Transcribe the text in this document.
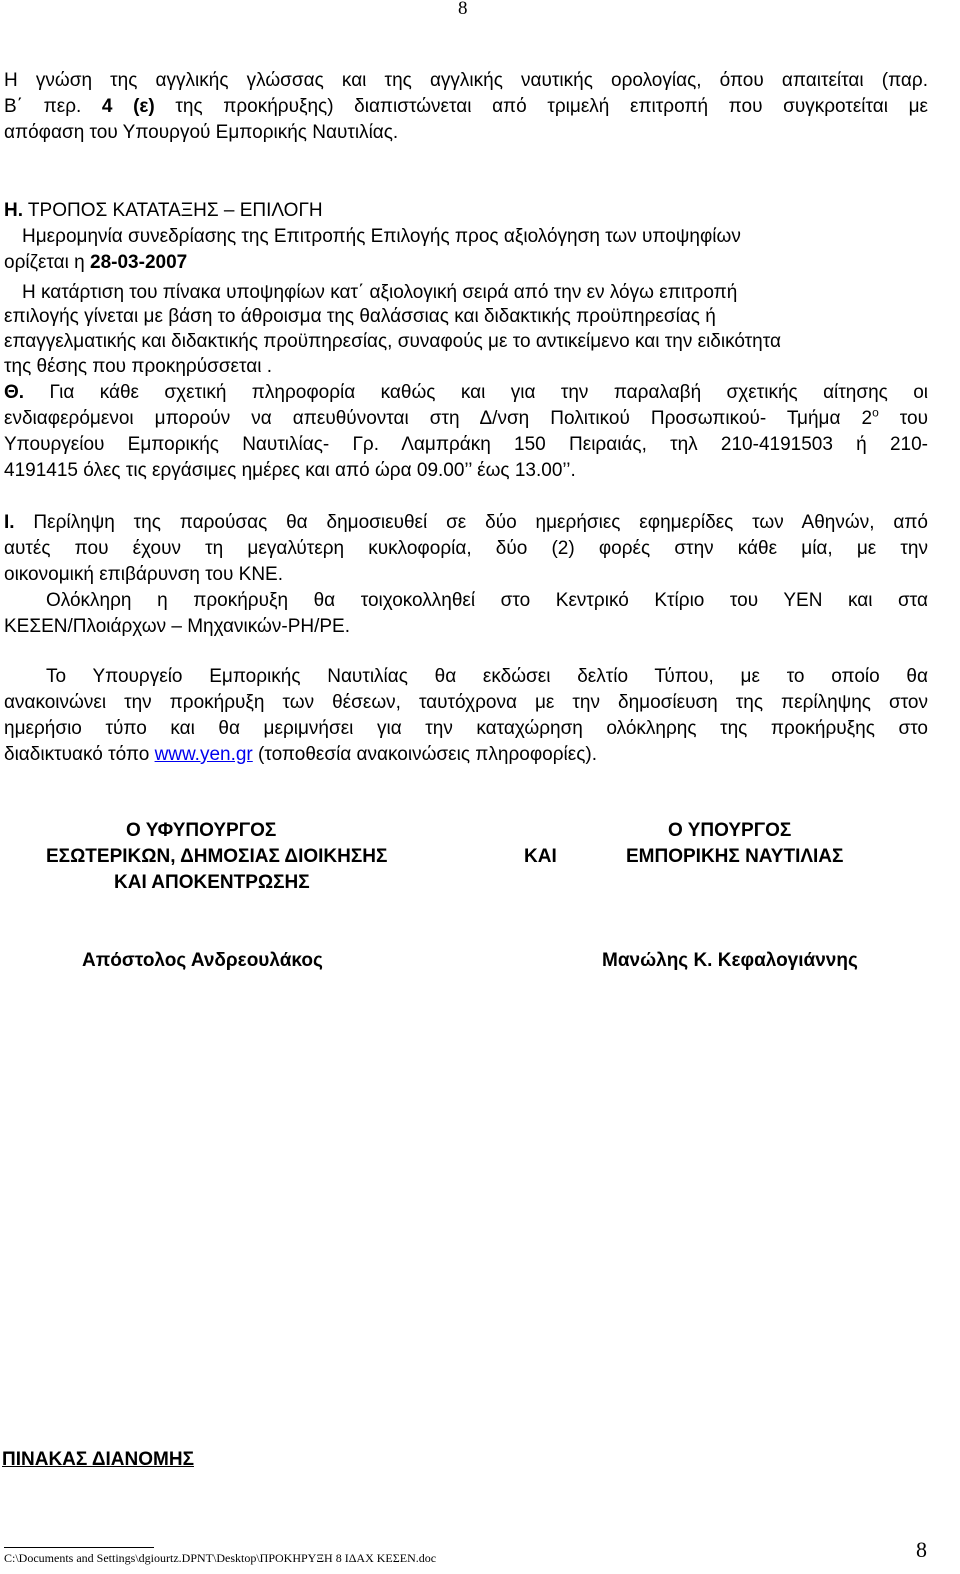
8
Η γνώση της αγγλικής γλώσσας και της αγγλικής ναυτικής ορολογίας, όπου απαιτείται (παρ.
Β΄ περ. 4 (ε) της προκήρυξης) διαπιστώνεται από τριμελή επιτροπή που συγκροτείται με
απόφαση του Υπουργού Εμπορικής Ναυτιλίας.
Η. ΤΡΟΠΟΣ ΚΑΤΑΤΑΞΗΣ – ΕΠΙΛΟΓΗ
Ημερομηνία συνεδρίασης της Επιτροπής Επιλογής προς αξιολόγηση των υποψηφίων
ορίζεται η 28-03-2007
Η κατάρτιση του πίνακα υποψηφίων κατ΄ αξιολογική σειρά από την εν λόγω επιτροπή
επιλογής γίνεται με βάση το άθροισμα της θαλάσσιας και διδακτικής προϋπηρεσίας ή
επαγγελματικής και διδακτικής προϋπηρεσίας, συναφούς με το αντικείμενο και την ειδικότητα
της θέσης που προκηρύσσεται .
Θ. Για κάθε σχετική πληροφορία καθώς και για την παραλαβή σχετικής αίτησης οι
ενδιαφερόμενοι μπορούν να απευθύνονται στη Δ/νση Πολιτικού Προσωπικού- Τμήμα $2^o$ του
Υπουργείου Εμπορικής Ναυτιλίας- Γρ. Λαμπράκη 150 Πειραιάς, τηλ 210-4191503 ή 210-
4191415 όλες τις εργάσιμες ημέρες και από ώρα 09.00’’ έως 13.00’’.
Ι. Περίληψη της παρούσας θα δημοσιευθεί σε δύο ημερήσιες εφημερίδες των Αθηνών, από
αυτές που έχουν τη μεγαλύτερη κυκλοφορία, δύο (2) φορές στην κάθε μία, με την
οικονομική επιβάρυνση του ΚΝΕ.
Ολόκληρη η προκήρυξη θα τοιχοκολληθεί στο Κεντρικό Κτίριο του ΥΕΝ και στα
ΚΕΣΕΝ/Πλοιάρχων – Μηχανικών-ΡΗ/ΡΕ.
Το Υπουργείο Εμπορικής Ναυτιλίας θα εκδώσει δελτίο Τύπου, με το οποίο θα
ανακοινώνει την προκήρυξη των θέσεων, ταυτόχρονα με την δημοσίευση της περίληψης στον
ημερήσιο τύπο και θα μεριμνήσει για την καταχώρηση ολόκληρης της προκήρυξης στο
διαδικτυακό τόπο www.yen.gr (τοποθεσία ανακοινώσεις πληροφορίες).
Ο ΥΦΥΠΟΥΡΓΟΣ
ΕΣΩΤΕΡΙΚΩΝ, ΔΗΜΟΣΙΑΣ ΔΙΟΙΚΗΣΗΣ
ΚΑΙ ΑΠΟΚΕΝΤΡΩΣΗΣ
ΚΑΙ
Ο ΥΠΟΥΡΓΟΣ
ΕΜΠΟΡΙΚΗΣ ΝΑΥΤΙΛΙΑΣ
Απόστολος Ανδρεουλάκος	Μανώλης Κ. Κεφαλογιάννης
ΠΙΝΑΚΑΣ ΔΙΑΝΟΜΗΣ
C:\Documents and Settings\dgiourtz.DPNT\Desktop\ΠΡΟΚΗΡΥΞΗ 8 ΙΔΑΧ ΚΕΣΕΝ.doc	8
